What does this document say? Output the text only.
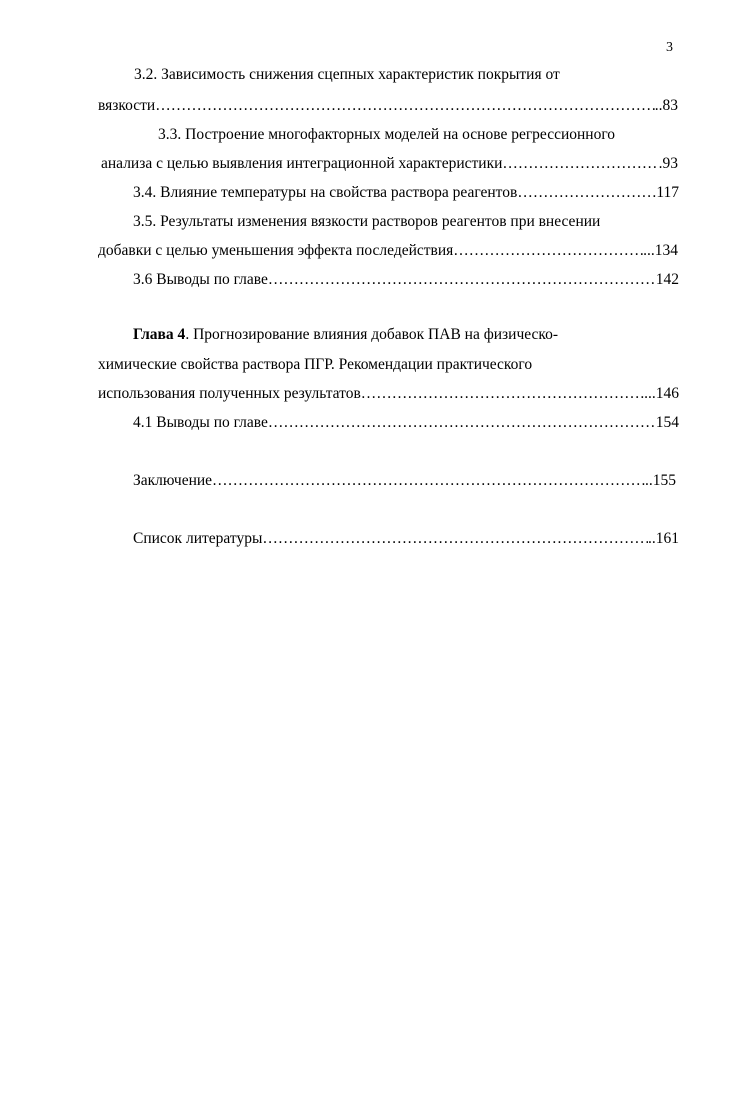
3
3.2. Зависимость снижения сцепных характеристик покрытия от
вязкости ……………………………………………………………………………………………………………………………………………………………………	..83
3.3. Построение многофакторных моделей на основе регрессионного
анализа с целью выявления интеграционной характеристики ……………………………………………………………………………………………………………………………………………………………………	.93
3.4. Влияние температуры на свойства раствора реагентов ……………………………………………………………………………………………………………………………………………………………………	117
3.5. Результаты изменения вязкости растворов реагентов при внесении
добавки с целью уменьшения эффекта последействия ……………………………………………………………………………………………………………………………………………………………………	...134
3.6 Выводы по главе ……………………………………………………………………………………………………………………………………………………………………	142
Глава 4. Прогнозирование влияния добавок ПАВ на физическо-
химические свойства раствора ПГР. Рекомендации практического
использования полученных результатов ……………………………………………………………………………………………………………………………………………………………………	...146
4.1 Выводы по главе ……………………………………………………………………………………………………………………………………………………………………	154
Заключение ……………………………………………………………………………………………………………………………………………………………………	..155
Список литературы ……………………………………………………………………………………………………………………………………………………………………	..161
